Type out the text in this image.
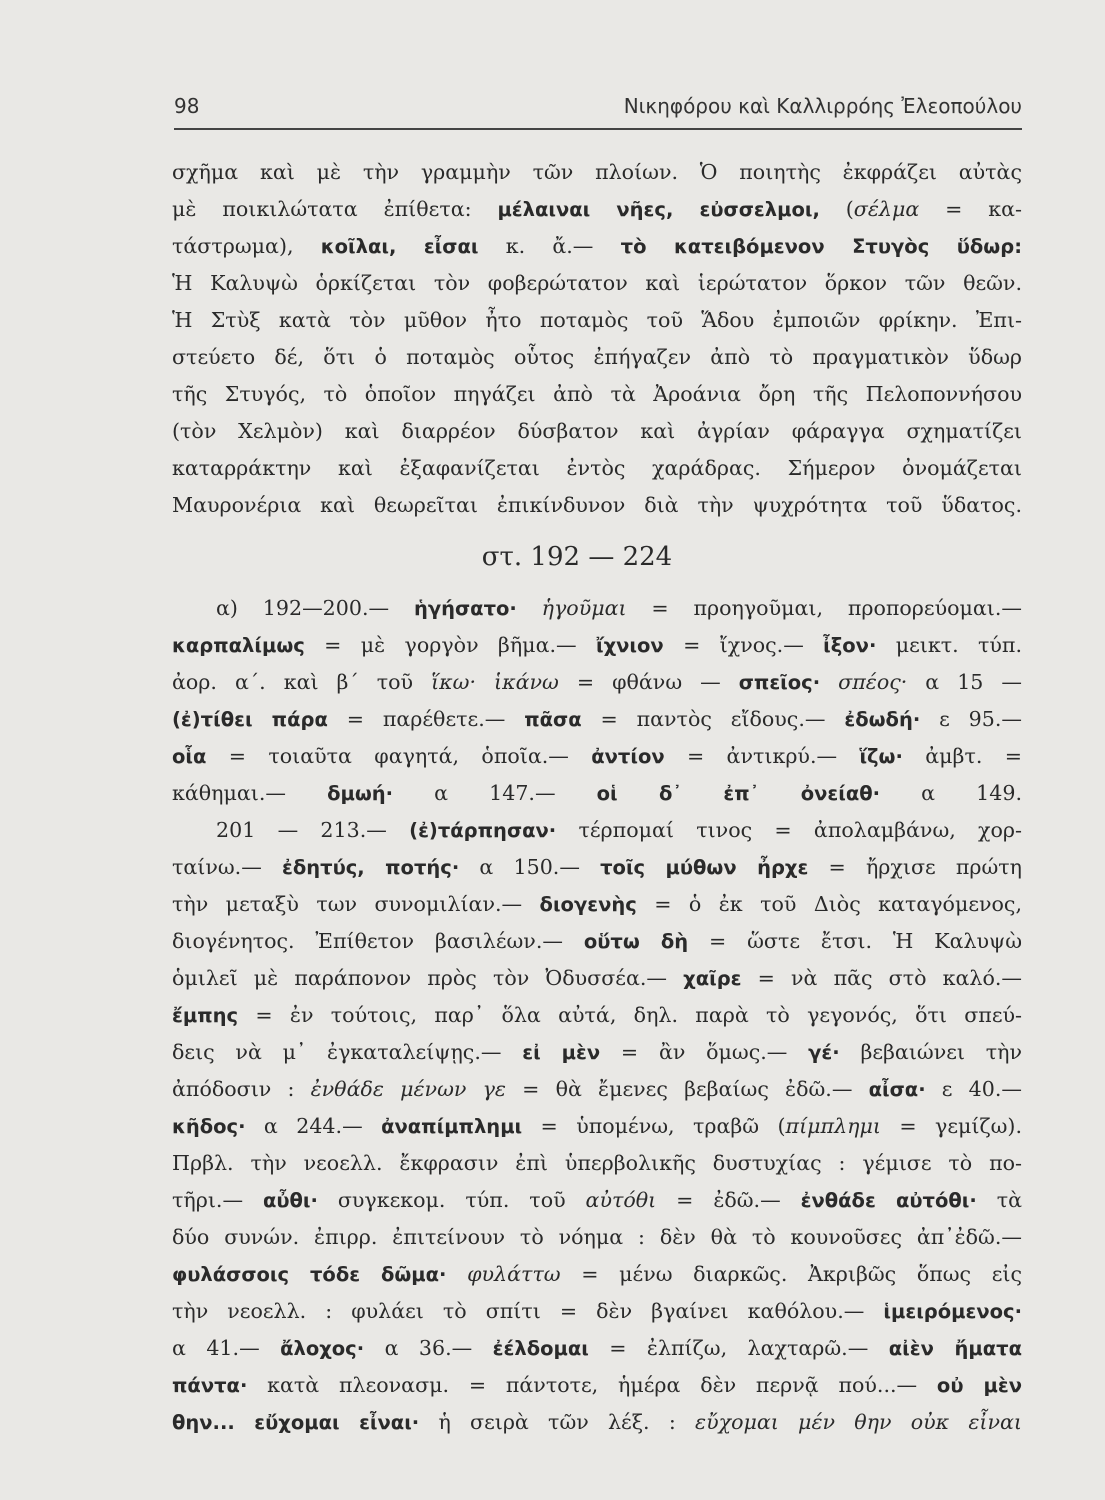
98	Νικηφόρου καὶ Καλλιρρόης Ἐλεοπούλου
σχῆμα καὶ μὲ τὴν γραμμὴν τῶν πλοίων. Ὁ ποιητὴς ἐκφράζει αὐτὰς
μὲ ποικιλώτατα ἐπίθετα: μέλαιναι νῆες, εὐσσελμοι, (σέλμα = κα-
τάστρωμα), κοῖλαι, εἶσαι κ. ἄ.— τὸ κατειβόμενον Στυγὸς ὕδωρ:
Ἡ Καλυψὼ ὁρκίζεται τὸν φοβερώτατον καὶ ἱερώτατον ὅρκον τῶν θεῶν.
Ἡ Στὺξ κατὰ τὸν μῦθον ἦτο ποταμὸς τοῦ Ἅδου ἐμποιῶν φρίκην. Ἐπι-
στεύετο δέ, ὅτι ὁ ποταμὸς οὗτος ἐπήγαζεν ἀπὸ τὸ πραγματικὸν ὕδωρ
τῆς Στυγός, τὸ ὁποῖον πηγάζει ἀπὸ τὰ Ἀροάνια ὄρη τῆς Πελοποννήσου
(τὸν Χελμὸν) καὶ διαρρέον δύσβατον καὶ ἀγρίαν φάραγγα σχηματίζει
καταρράκτην καὶ ἐξαφανίζεται ἐντὸς χαράδρας. Σήμερον ὀνομάζεται
Μαυρονέρια καὶ θεωρεῖται ἐπικίνδυνον διὰ τὴν ψυχρότητα τοῦ ὕδατος.
στ. 192 — 224
α) 192—200.— ἡγήσατο· ἡγοῦμαι = προηγοῦμαι, προπορεύομαι.—
καρπαλίμως = μὲ γοργὸν βῆμα.— ἴχνιον = ἴχνος.— ἶξον· μεικτ. τύπ.
ἀορ. α΄. καὶ β΄ τοῦ ἵκω· ἱκάνω = φθάνω — σπεῖος· σπέος· α 15 —
(ἐ)τίθει πάρα = παρέθετε.— πᾶσα = παντὸς εἴδους.— ἐδωδή· ε 95.—
οἷα = τοιαῦτα φαγητά, ὁποῖα.— ἀντίον = ἀντικρύ.— ἵζω· ἀμβτ. =
κάθημαι.— δμωή· α 147.— οἱ δ᾽ ἐπ᾽ ὀνείαθ· α 149.
201 — 213.— (ἐ)τάρπησαν· τέρπομαί τινος = ἀπολαμβάνω, χορ-
ταίνω.— ἐδητύς, ποτής· α 150.— τοῖς μύθων ἦρχε = ἤρχισε πρώτη
τὴν μεταξὺ των συνομιλίαν.— διογενὴς = ὁ ἐκ τοῦ Διὸς καταγόμενος,
διογένητος. Ἐπίθετον βασιλέων.— οὕτω δὴ = ὥστε ἔτσι. Ἡ Καλυψὼ
ὁμιλεῖ μὲ παράπονον πρὸς τὸν Ὀδυσσέα.— χαῖρε = νὰ πᾶς στὸ καλό.—
ἔμπης = ἐν τούτοις, παρ᾽ ὅλα αὐτά, δηλ. παρὰ τὸ γεγονός, ὅτι σπεύ-
δεις νὰ μ᾽ ἐγκαταλείψῃς.— εἰ μὲν = ἂν ὅμως.— γέ· βεβαιώνει τὴν
ἀπόδοσιν : ἐνθάδε μένων γε = θὰ ἔμενες βεβαίως ἐδῶ.— αἶσα· ε 40.—
κῆδος· α 244.— ἀναπίμπλημι = ὑπομένω, τραβῶ (πίμπλημι = γεμίζω).
Πρβλ. τὴν νεοελλ. ἔκφρασιν ἐπὶ ὑπερβολικῆς δυστυχίας : γέμισε τὸ πο-
τῆρι.— αὖθι· συγκεκομ. τύπ. τοῦ αὐτόθι = ἐδῶ.— ἐνθάδε αὐτόθι· τὰ
δύο συνών. ἐπιρρ. ἐπιτείνουν τὸ νόημα : δὲν θὰ τὸ κουνοῦσες ἀπ᾽ἐδῶ.—
φυλάσσοις τόδε δῶμα· φυλάττω = μένω διαρκῶς. Ἀκριβῶς ὅπως εἰς
τὴν νεοελλ. : φυλάει τὸ σπίτι = δὲν βγαίνει καθόλου.— ἱμειρόμενος·
α 41.— ἄλοχος· α 36.— ἐέλδομαι = ἐλπίζω, λαχταρῶ.— αἰὲν ἤματα
πάντα· κατὰ πλεονασμ. = πάντοτε, ἡμέρα δὲν περνᾷ πού...— οὐ μὲν
θην... εὔχομαι εἶναι· ἡ σειρὰ τῶν λέξ. : εὔχομαι μέν θην οὐκ εἶναι
